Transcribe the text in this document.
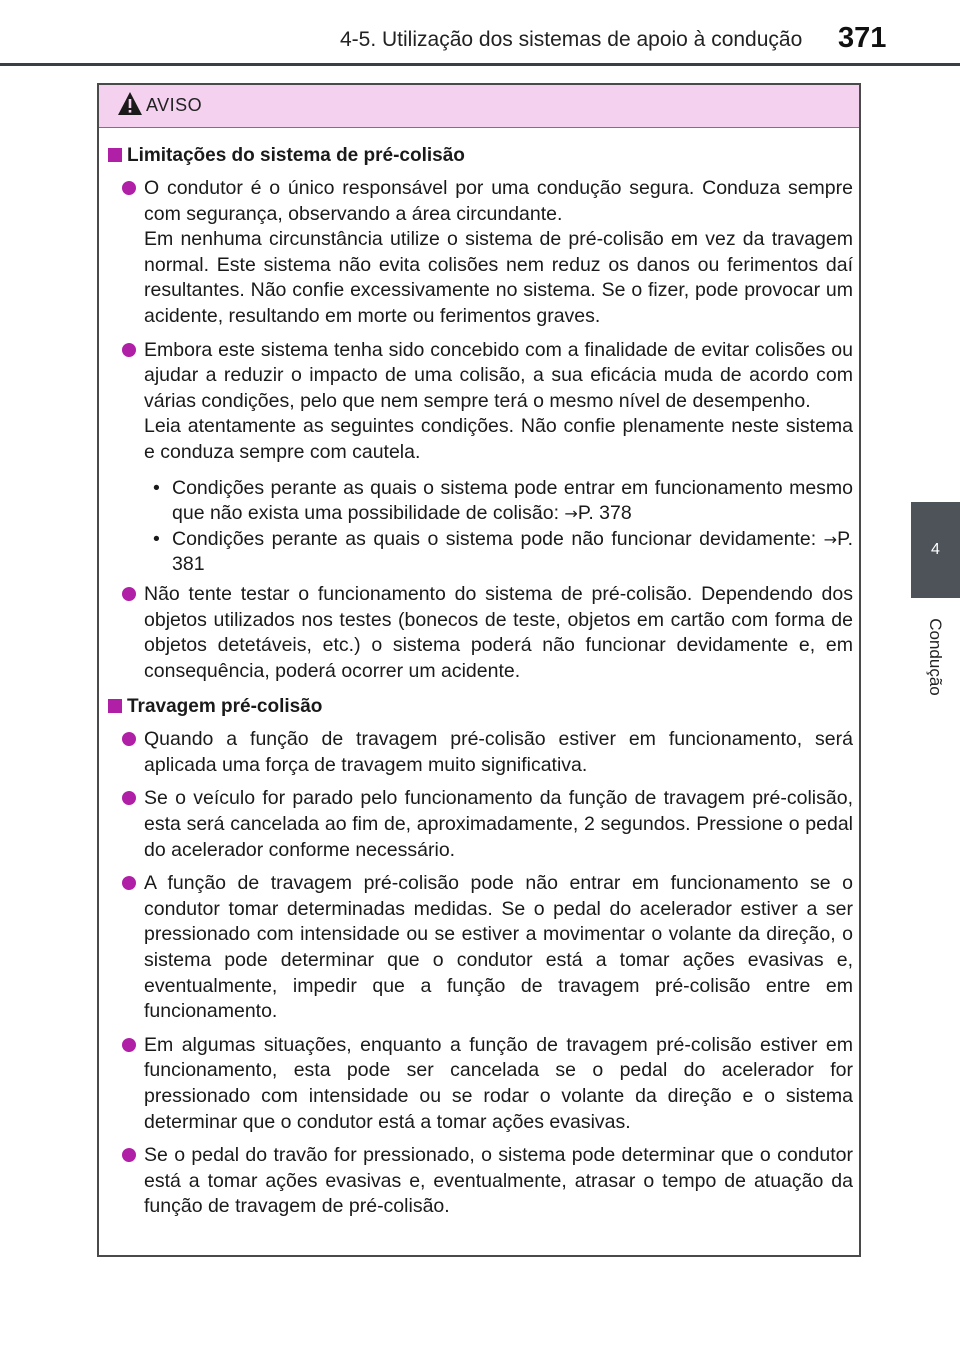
4-5. Utilização dos sistemas de apoio à condução 371
4
Condução
AVISO
Limitações do sistema de pré-colisão

O condutor é o único responsável por uma condução segura. Conduza sempre com segurança, observando a área circundante.

Em nenhuma circunstância utilize o sistema de pré-colisão em vez da travagem normal. Este sistema não evita colisões nem reduz os danos ou ferimentos daí resultantes. Não confie excessivamente no sistema. Se o fizer, pode provocar um acidente, resultando em morte ou ferimentos graves.

Embora este sistema tenha sido concebido com a finalidade de evitar colisões ou ajudar a reduzir o impacto de uma colisão, a sua eficácia muda de acordo com várias condições, pelo que nem sempre terá o mesmo nível de desempenho.

Leia atentamente as seguintes condições. Não confie plenamente neste sistema e conduza sempre com cautela.

• Condições perante as quais o sistema pode entrar em funcionamento mesmo que não exista uma possibilidade de colisão: →P. 378
• Condições perante as quais o sistema pode não funcionar devidamente: →P. 381

Não tente testar o funcionamento do sistema de pré-colisão. Dependendo dos objetos utilizados nos testes (bonecos de teste, objetos em cartão com forma de objetos detetáveis, etc.) o sistema poderá não funcionar devidamente e, em consequência, poderá ocorrer um acidente.

Travagem pré-colisão

Quando a função de travagem pré-colisão estiver em funcionamento, será aplicada uma força de travagem muito significativa.

Se o veículo for parado pelo funcionamento da função de travagem pré-colisão, esta será cancelada ao fim de, aproximadamente, 2 segundos. Pressione o pedal do acelerador conforme necessário.

A função de travagem pré-colisão pode não entrar em funcionamento se o condutor tomar determinadas medidas. Se o pedal do acelerador estiver a ser pressionado com intensidade ou se estiver a movimentar o volante da direção, o sistema pode determinar que o condutor está a tomar ações evasivas e, eventualmente, impedir que a função de travagem pré-colisão entre em funcionamento.

Em algumas situações, enquanto a função de travagem pré-colisão estiver em funcionamento, esta pode ser cancelada se o pedal do acelerador for pressionado com intensidade ou se rodar o volante da direção e o sistema determinar que o condutor está a tomar ações evasivas.

Se o pedal do travão for pressionado, o sistema pode determinar que o condutor está a tomar ações evasivas e, eventualmente, atrasar o tempo de atuação da função de travagem de pré-colisão.
